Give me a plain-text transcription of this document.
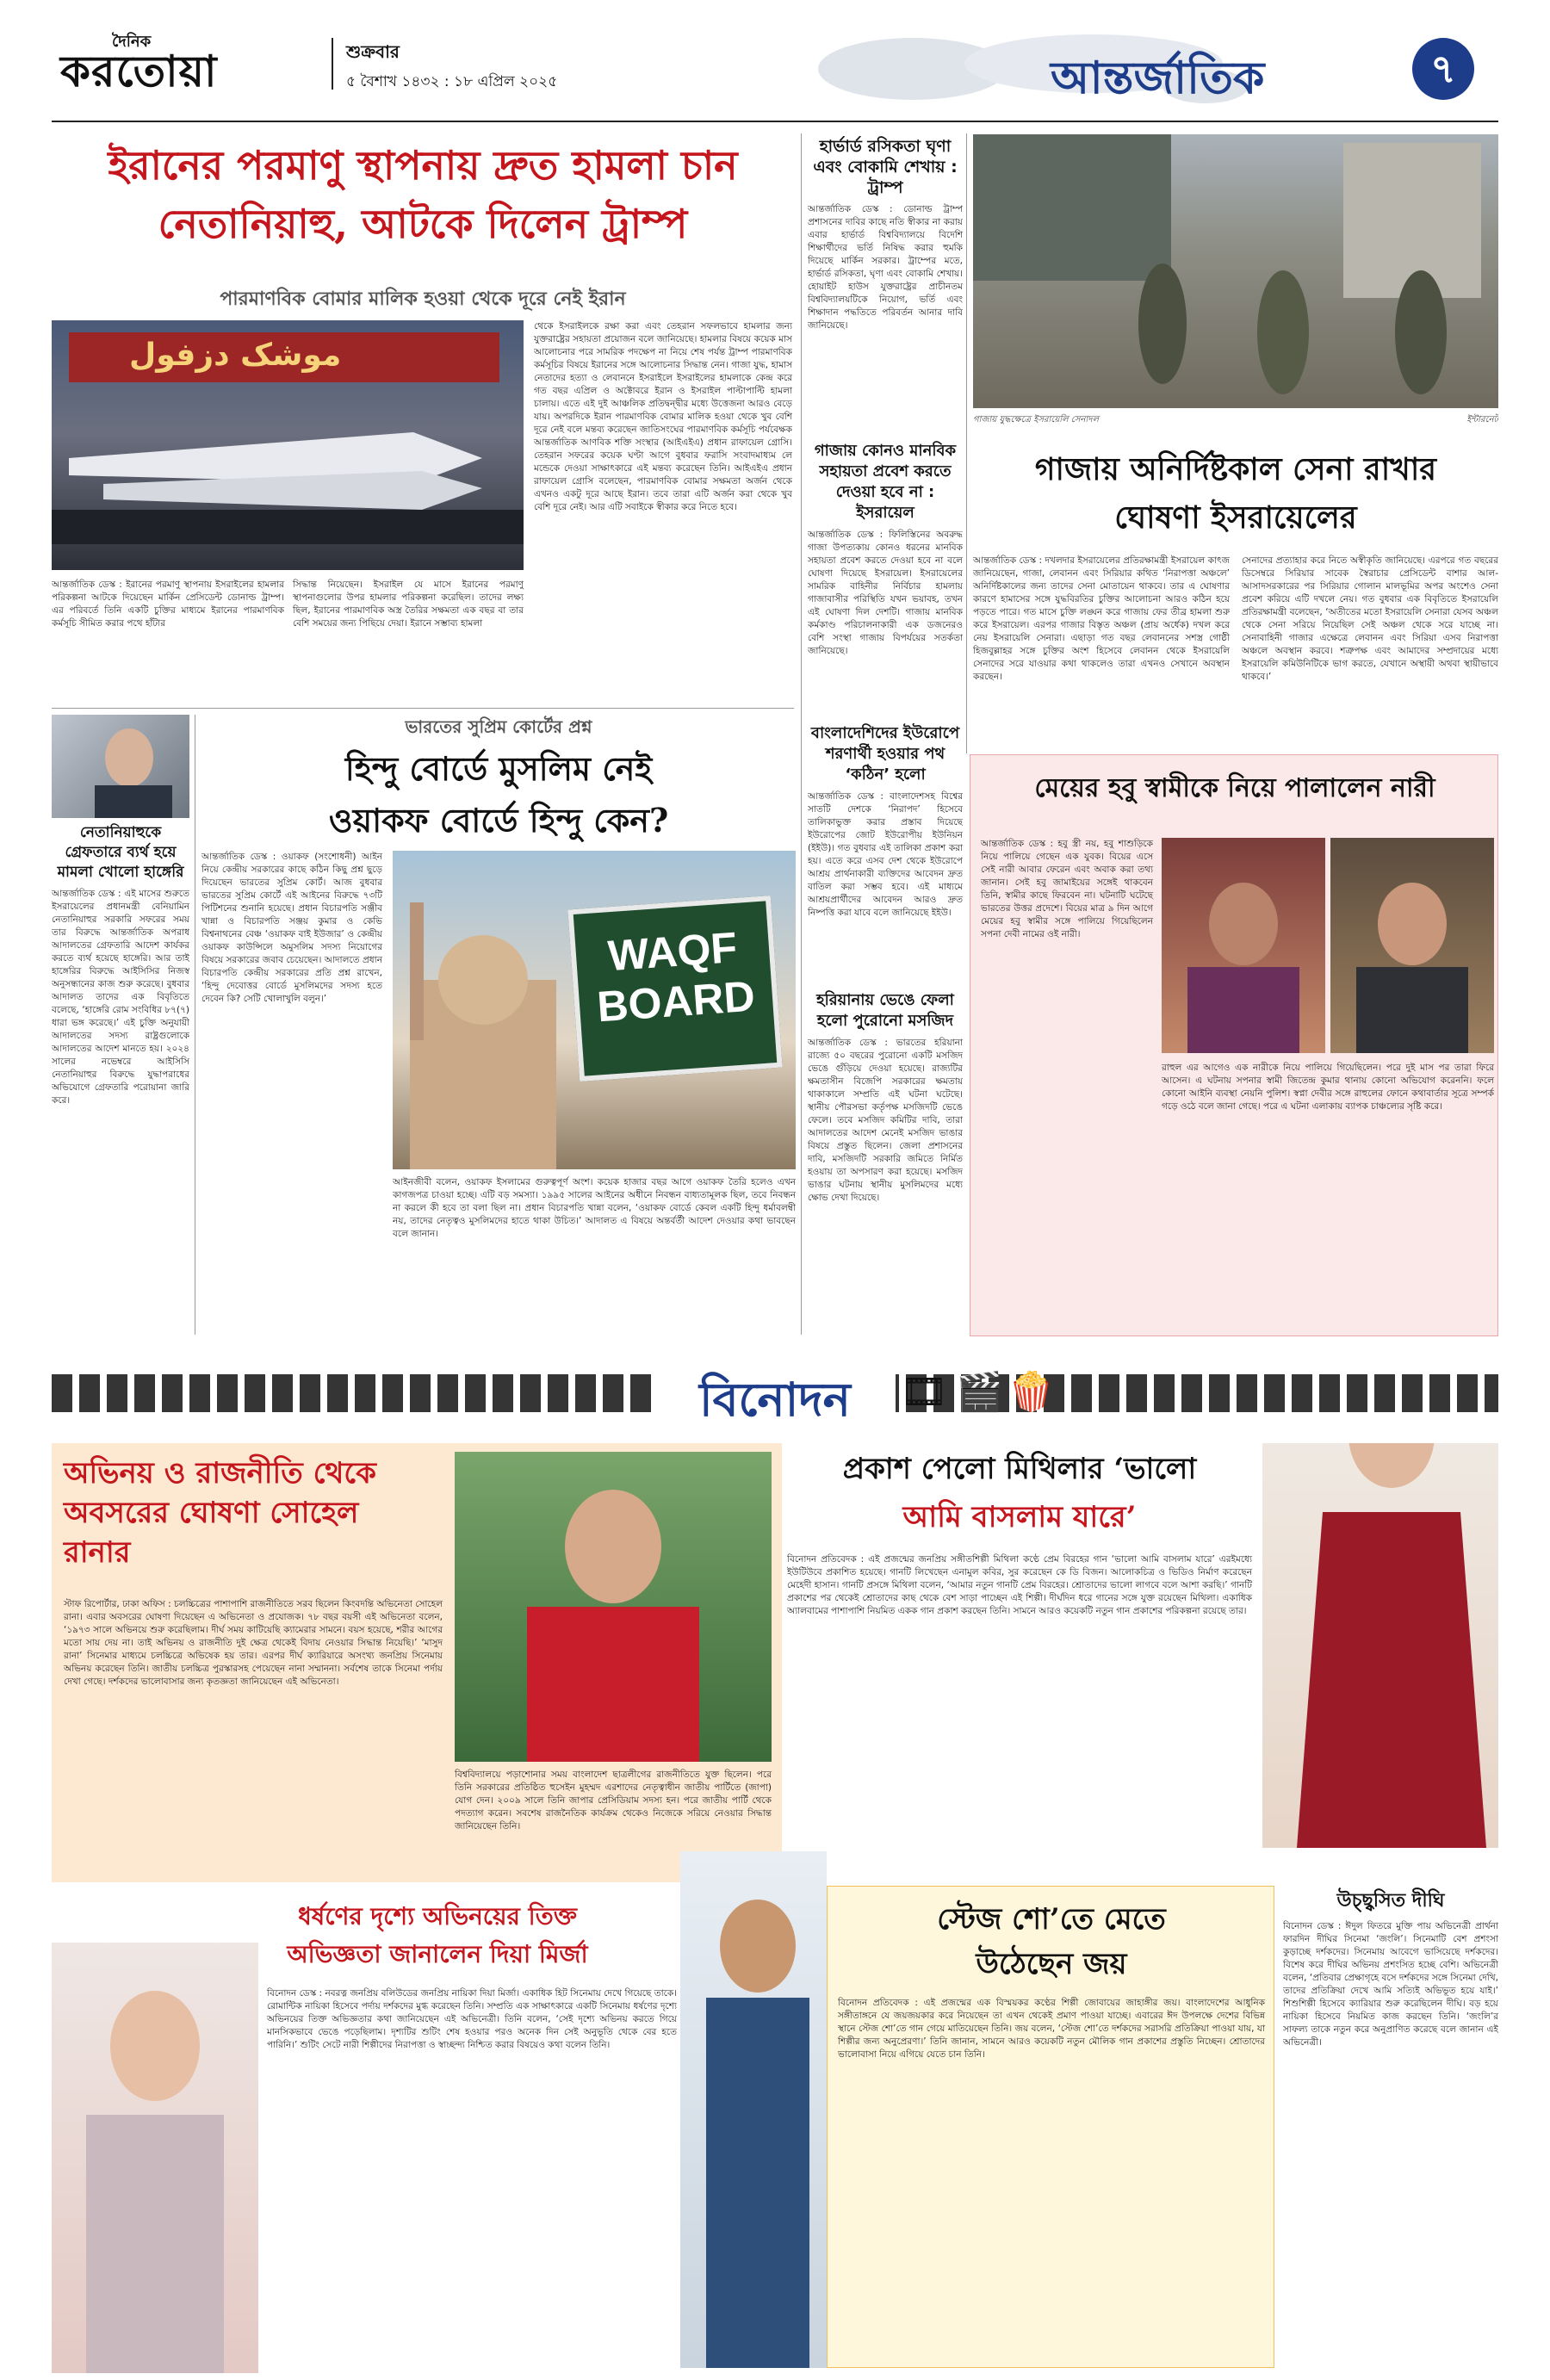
দৈনিক
করতোয়া	শুক্রবার
৫ বৈশাখ ১৪৩২ : ১৮ এপ্রিল ২০২৫	আন্তর্জাতিক	৭
ইরানের পরমাণু স্থাপনায় দ্রুত হামলা চান
নেতানিয়াহু, আটকে দিলেন ট্রাম্প
পারমাণবিক বোমার মালিক হওয়া থেকে দূরে নেই ইরান
موشک دزفول
আন্তর্জাতিক ডেস্ক : ইরানের পরমাণু স্থাপনায় ইসরাইলের হামলার পরিকল্পনা আটকে দিয়েছেন মার্কিন প্রেসিডেন্ট ডোনাল্ড ট্রাম্প। এর পরিবর্তে তিনি একটি চুক্তির মাধ্যমে ইরানের পারমাণবিক কর্মসূচি সীমিত করার পথে হাঁটার
সিদ্ধান্ত নিয়েছেন। ইসরাইল যে মাসে ইরানের পরমাণু স্থাপনাগুলোর উপর হামলার পরিকল্পনা করেছিল। তাদের লক্ষ্য ছিল, ইরানের পারমাণবিক অস্ত্র তৈরির সক্ষমতা এক বছর বা তার বেশি সময়ের জন্য পিছিয়ে দেয়া। ইরানে সম্ভাব্য হামলা
থেকে ইসরাইলকে রক্ষা করা এবং তেহরান সফলভাবে হামলার জন্য যুক্তরাষ্ট্রের সহায়তা প্রয়োজন বলে জানিয়েছে। হামলার বিষয়ে কয়েক মাস আলোচনার পরে সামরিক পদক্ষেপ না নিয়ে শেষ পর্যন্ত ট্রাম্প পারমাণবিক কর্মসূচির বিষয়ে ইরানের সঙ্গে আলোচনার সিদ্ধান্ত নেন। গাজা যুদ্ধ, হামাস নেতাদের হত্যা ও লেবাননে ইসরাইলে ইসরাইলের হামলাকে কেন্দ্র করে গত বছর এপ্রিল ও অক্টোবরে ইরান ও ইসরাইল পাল্টাপাল্টি হামলা চালায়। এতে এই দুই আঞ্চলিক প্রতিদ্বন্দ্বীর মধ্যে উত্তেজনা আরও বেড়ে যায়। অপরদিকে ইরান পারমাণবিক বোমার মালিক হওয়া থেকে খুব বেশি দূরে নেই বলে মন্তব্য করেছেন জাতিসংঘের পারমাণবিক কর্মসূচি পর্যবেক্ষক আন্তর্জাতিক আণবিক শক্তি সংস্থার (আইএইএ) প্রধান রাফায়েল গ্রোসি। তেহরান সফরের কয়েক ঘণ্টা আগে বুধবার ফরাসি সংবাদমাধ্যম লে মন্ডেকে দেওয়া সাক্ষাৎকারে এই মন্তব্য করেছেন তিনি। আইএইএ প্রধান রাফায়েল গ্রোসি বলেছেন, পারমাণবিক বোমার সক্ষমতা অর্জন থেকে এখনও একটু দূরে আছে ইরান। তবে তারা এটি অর্জন করা থেকে খুব বেশি দূরে নেই। আর এটি সবাইকে স্বীকার করে নিতে হবে।
হার্ভার্ড রসিকতা ঘৃণা এবং বোকামি শেখায় : ট্রাম্প
আন্তর্জাতিক ডেস্ক : ডোনাল্ড ট্রাম্প প্রশাসনের দাবির কাছে নতি স্বীকার না করায় এবার হার্ভার্ড বিশ্ববিদ্যালয়ে বিদেশি শিক্ষার্থীদের ভর্তি নিষিদ্ধ করার হুমকি দিয়েছে মার্কিন সরকার। ট্রাম্পের মতে, হার্ভার্ড রসিকতা, ঘৃণা এবং বোকামি শেখায়। হোয়াইট হাউস যুক্তরাষ্ট্রের প্রাচীনতম বিশ্ববিদ্যালয়টিকে নিয়োগ, ভর্তি এবং শিক্ষাদান পদ্ধতিতে পরিবর্তন আনার দাবি জানিয়েছে।
গাজায় কোনও মানবিক সহায়তা প্রবেশ করতে দেওয়া হবে না : ইসরায়েল
আন্তর্জাতিক ডেস্ক : ফিলিস্তিনের অবরুদ্ধ গাজা উপত্যকায় কোনও ধরনের মানবিক সহায়তা প্রবেশ করতে দেওয়া হবে না বলে ঘোষণা দিয়েছে ইসরায়েল। ইসরায়েলের সামরিক বাহিনীর নির্বিচার হামলায় গাজাবাসীর পরিস্থিতি যখন ভয়াবহ, তখন এই ঘোষণা দিল দেশটি। গাজায় মানবিক কর্মকাণ্ড পরিচালনাকারী এক ডজনেরও বেশি সংস্থা গাজায় বিপর্যয়ের সতর্কতা জানিয়েছে।
বাংলাদেশিদের ইউরোপে শরণার্থী হওয়ার পথ ‘কঠিন’ হলো
আন্তর্জাতিক ডেস্ক : বাংলাদেশসহ বিশ্বের সাতটি দেশকে ‘নিরাপদ’ হিসেবে তালিকাভুক্ত করার প্রস্তাব দিয়েছে ইউরোপের জোট ইউরোপীয় ইউনিয়ন (ইইউ)। গত বুধবার এই তালিকা প্রকাশ করা হয়। এতে করে এসব দেশ থেকে ইউরোপে আশ্রয় প্রার্থনাকারী ব্যক্তিদের আবেদন দ্রুত বাতিল করা সম্ভব হবে। এই মাধ্যমে আশ্রয়প্রার্থীদের আবেদন আরও দ্রুত নিষ্পত্তি করা যাবে বলে জানিয়েছে ইইউ।
হরিয়ানায় ভেঙে ফেলা হলো পুরোনো মসজিদ
আন্তর্জাতিক ডেস্ক : ভারতের হরিয়ানা রাজ্যে ৫০ বছরের পুরোনো একটি মসজিদ ভেঙে গুঁড়িয়ে দেওয়া হয়েছে। রাজ্যটির ক্ষমতাসীন বিজেপি সরকারের ক্ষমতায় থাকাকালে সম্প্রতি এই ঘটনা ঘটেছে। স্থানীয় পৌরসভা কর্তৃপক্ষ মসজিদটি ভেঙে ফেলে। তবে মসজিদ কমিটির দাবি, তারা আদালতের আদেশ মেনেই মসজিদ ভাঙার বিষয়ে প্রস্তুত ছিলেন। জেলা প্রশাসনের দাবি, মসজিদটি সরকারি জমিতে নির্মিত হওয়ায় তা অপসারণ করা হয়েছে। মসজিদ ভাঙার ঘটনায় স্থানীয় মুসলিমদের মধ্যে ক্ষোভ দেখা দিয়েছে।
গাজায় যুদ্ধক্ষেত্রে ইসরায়েলি সেনাদল	ইন্টারনেট
গাজায় অনির্দিষ্টকাল সেনা রাখার
ঘোষণা ইসরায়েলের
আন্তর্জাতিক ডেস্ক : দখলদার ইসরায়েলের প্রতিরক্ষামন্ত্রী ইসরায়েল কাৎজ জানিয়েছেন, গাজা, লেবানন এবং সিরিয়ার কথিত ‘নিরাপত্তা অঞ্চলে’ অনির্দিষ্টকালের জন্য তাদের সেনা মোতায়েন থাকবে। তার এ ঘোষণার কারণে হামাসের সঙ্গে যুদ্ধবিরতির চুক্তির আলোচনা আরও কঠিন হয়ে পড়তে পারে। গত মাসে চুক্তি লঙ্ঘন করে গাজায় ফের তীব্র হামলা শুরু করে ইসরায়েল। এরপর গাজার বিস্তৃত অঞ্চল (প্রায় অর্ধেক) দখল করে নেয় ইসরায়েলি সেনারা। এছাড়া গত বছর লেবাননের সশস্ত্র গোষ্ঠী হিজবুল্লাহর সঙ্গে চুক্তির অংশ হিসেবে লেবানন থেকে ইসরায়েলি সেনাদের সরে যাওয়ার কথা থাকলেও তারা এখনও সেখানে অবস্থান করছেন।
সেনাদের প্রত্যাহার করে নিতে অস্বীকৃতি জানিয়েছে। এরপরে গত বছরের ডিসেম্বরে সিরিয়ার সাবেক স্বৈরাচার প্রেসিডেন্ট বাশার আল-আসাদসরকারের পর সিরিয়ার গোলান মালভূমির অপর অংশেও সেনা প্রবেশ করিয়ে এটি দখলে নেয়। গত বুধবার এক বিবৃতিতে ইসরায়েলি প্রতিরক্ষামন্ত্রী বলেছেন, ‘অতীতের মতো ইসরায়েলি সেনারা যেসব অঞ্চল থেকে সেনা সরিয়ে নিয়েছিল সেই অঞ্চল থেকে সরে যাচ্ছে না। সেনাবাহিনী গাজার এক্ষেত্রে লেবানন এবং সিরিয়া এসব নিরাপত্তা অঞ্চলে অবস্থান করবে। শত্রুপক্ষ এবং আমাদের সম্প্রদায়ের মধ্যে ইসরায়েলি কমিউনিটিকে ভাগ করতে, যেখানে অস্থায়ী অথবা স্থায়ীভাবে থাকবে।’
নেতানিয়াহুকে গ্রেফতারে ব্যর্থ হয়ে মামলা খোলো হাঙ্গেরি
আন্তর্জাতিক ডেস্ক : এই মাসের শুরুতে ইসরায়েলের প্রধানমন্ত্রী বেনিয়ামিন নেতানিয়াহুর সরকারি সফরের সময় তার বিরুদ্ধে আন্তর্জাতিক অপরাধ আদালতের গ্রেফতারি আদেশ কার্যকর করতে ব্যর্থ হয়েছে হাঙ্গেরি। আর তাই হাঙ্গেরির বিরুদ্ধে আইসিসির নিজস্ব অনুসন্ধানের কাজ শুরু করেছে। বুধবার আদালত তাদের এক বিবৃতিতে বলেছে, ‘হাঙ্গেরি রোম সংবিধির ৮৭(৭) ধারা ভঙ্গ করেছে।’ এই চুক্তি অনুযায়ী আদালতের সদস্য রাষ্ট্রগুলোকে আদালতের আদেশ মানতে হয়। ২০২৪ সালের নভেম্বরে আইসিসি নেতানিয়াহুর বিরুদ্ধে যুদ্ধাপরাধের অভিযোগে গ্রেফতারি পরোয়ানা জারি করে।
ভারতের সুপ্রিম কোর্টের প্রশ্ন
হিন্দু বোর্ডে মুসলিম নেই
ওয়াকফ বোর্ডে হিন্দু কেন?
আন্তর্জাতিক ডেস্ক : ওয়াকফ (সংশোধনী) আইন নিয়ে কেন্দ্রীয় সরকারের কাছে কঠিন কিছু প্রশ্ন ছুড়ে দিয়েছেন ভারতের সুপ্রিম কোর্ট। আজ বুধবার ভারতের সুপ্রিম কোর্টে এই আইনের বিরুদ্ধে ৭৩টি পিটিশনের শুনানি হয়েছে। প্রধান বিচারপতি সঞ্জীব খান্না ও বিচারপতি সঞ্জয় কুমার ও কেভি বিশ্বনাথনের বেঞ্চ ‘ওয়াকফ বাই ইউজার’ ও কেন্দ্রীয় ওয়াকফ কাউন্সিলে অমুসলিম সদস্য নিয়োগের বিষয়ে সরকারের জবাব চেয়েছেন। আদালতে প্রধান বিচারপতি কেন্দ্রীয় সরকারের প্রতি প্রশ্ন রাখেন, ‘হিন্দু দেবোত্তর বোর্ডে মুসলিমদের সদস্য হতে দেবেন কি? সেটি খোলাখুলি বলুন।’
WAQF
BOARD
আইনজীবী বলেন, ওয়াকফ ইসলামের গুরুত্বপূর্ণ অংশ। কয়েক হাজার বছর আগে ওয়াকফ তৈরি হলেও এখন কাগজপত্র চাওয়া হচ্ছে। এটি বড় সমস্যা। ১৯৯৫ সালের আইনের অধীনে নিবন্ধন বাধ্যতামূলক ছিল, তবে নিবন্ধন না করলে কী হবে তা বলা ছিল না। প্রধান বিচারপতি খান্না বলেন, ‘ওয়াকফ বোর্ডে কেবল একটি হিন্দু ধর্মাবলম্বী নয়, তাদের নেতৃত্বও মুসলিমদের হাতে থাকা উচিত।’ আদালত এ বিষয়ে অন্তর্বর্তী আদেশ দেওয়ার কথা ভাবছেন বলে জানান।
মেয়ের হবু স্বামীকে নিয়ে পালালেন নারী
আন্তর্জাতিক ডেস্ক : হবু স্ত্রী নয়, হবু শাশুড়িকে নিয়ে পালিয়ে গেছেন এক যুবক। বিয়ের এসে সেই নারী আবার ফেরেন এবং অবাক করা তথ্য জানান। সেই হবু জামাইয়ের সঙ্গেই থাকবেন তিনি, স্বামীর কাছে ফিরবেন না। ঘটনাটি ঘটেছে ভারতের উত্তর প্রদেশে। বিয়ের মাত্র ৯ দিন আগে মেয়ের হবু স্বামীর সঙ্গে পালিয়ে গিয়েছিলেন সপনা দেবী নামের ওই নারী।
রাহুল এর আগেও এক নারীকে নিয়ে পালিয়ে গিয়েছিলেন। পরে দুই মাস পর তারা ফিরে আসেন। এ ঘটনায় সপনার স্বামী জিতেন্দ্র কুমার থানায় কোনো অভিযোগ করেননি। ফলে কোনো আইনি ব্যবস্থা নেয়নি পুলিশ। স্বপ্না দেবীর সঙ্গে রাহুলের ফোনে কথাবার্তার সূত্রে সম্পর্ক গড়ে ওঠে বলে জানা গেছে। পরে এ ঘটনা এলাকায় ব্যাপক চাঞ্চল্যের সৃষ্টি করে।
বিনোদন	🎞 🎬 🍿
অভিনয় ও রাজনীতি থেকে অবসরের ঘোষণা সোহেল রানার
স্টাফ রিপোর্টার, ঢাকা অফিস : চলচ্চিত্রের পাশাপাশি রাজনীতিতে সরব ছিলেন কিংবদন্তি অভিনেতা সোহেল রানা। এবার অবসরের ঘোষণা দিয়েছেন এ অভিনেতা ও প্রযোজক। ৭৮ বছর বয়সী এই অভিনেতা বলেন, ‘১৯৭৩ সালে অভিনয়ে শুরু করেছিলাম। দীর্ঘ সময় কাটিয়েছি ক্যামেরার সামনে। বয়স হয়েছে, শরীর আগের মতো সায় দেয় না। তাই অভিনয় ও রাজনীতি দুই ক্ষেত্র থেকেই বিদায় নেওয়ার সিদ্ধান্ত নিয়েছি।’ ‘মাসুদ রানা’ সিনেমার মাধ্যমে চলচ্চিত্রে অভিষেক হয় তার। এরপর দীর্ঘ ক্যারিয়ারে অসংখ্য জনপ্রিয় সিনেমায় অভিনয় করেছেন তিনি। জাতীয় চলচ্চিত্র পুরস্কারসহ পেয়েছেন নানা সম্মাননা। সর্বশেষ তাকে সিনেমা পর্দায় দেখা গেছে। দর্শকদের ভালোবাসার জন্য কৃতজ্ঞতা জানিয়েছেন এই অভিনেতা।
বিশ্ববিদ্যালয়ে পড়াশোনার সময় বাংলাদেশ ছাত্রলীগের রাজনীতিতে যুক্ত ছিলেন। পরে তিনি সরকারের প্রতিষ্ঠিত হুসেইন মুহম্মদ এরশাদের নেতৃত্বাধীন জাতীয় পার্টিতে (জাপা) যোগ দেন। ২০০৯ সালে তিনি জাপার প্রেসিডিয়াম সদস্য হন। পরে জাতীয় পার্টি থেকে পদত্যাগ করেন। সবশেষ রাজনৈতিক কার্যক্রম থেকেও নিজেকে সরিয়ে নেওয়ার সিদ্ধান্ত জানিয়েছেন তিনি।
প্রকাশ পেলো মিথিলার ‘ভালো
আমি বাসলাম যারে’
বিনোদন প্রতিবেদক : এই প্রজন্মের জনপ্রিয় সঙ্গীতশিল্পী মিথিলা কণ্ঠে প্রেম বিরহের গান ‘ভালো আমি বাসলাম যারে’ এরইমধ্যে ইউটিউবে প্রকাশিত হয়েছে। গানটি লিখেছেন এনামুল কবির, সুর করেছেন কে ডি বিজন। আলোকচিত্র ও ভিডিও নির্মাণ করেছেন মেহেদী হাসান। গানটি প্রসঙ্গে মিথিলা বলেন, ‘আমার নতুন গানটি প্রেম বিরহের। শ্রোতাদের ভালো লাগবে বলে আশা করছি।’ গানটি প্রকাশের পর থেকেই শ্রোতাদের কাছ থেকে বেশ সাড়া পাচ্ছেন এই শিল্পী। দীর্ঘদিন ধরে গানের সঙ্গে যুক্ত রয়েছেন মিথিলা। একাধিক অ্যালবামের পাশাপাশি নিয়মিত একক গান প্রকাশ করছেন তিনি। সামনে আরও কয়েকটি নতুন গান প্রকাশের পরিকল্পনা রয়েছে তার।
স্টেজ শো’তে মেতে
উঠেছেন জয়
বিনোদন প্রতিবেদক : এই প্রজন্মের এক বিস্ময়কর কণ্ঠের শিল্পী জোবায়ের জাহাঙ্গীর জয়। বাংলাদেশের আধুনিক সঙ্গীতাঙ্গনে যে জয়জয়কার করে নিয়েছেন তা এখন থেকেই প্রমাণ পাওয়া যাচ্ছে। এবারের ঈদ উপলক্ষে দেশের বিভিন্ন স্থানে স্টেজ শো’তে গান গেয়ে মাতিয়েছেন তিনি। জয় বলেন, ‘স্টেজ শো’তে দর্শকদের সরাসরি প্রতিক্রিয়া পাওয়া যায়, যা শিল্পীর জন্য অনুপ্রেরণা।’ তিনি জানান, সামনে আরও কয়েকটি নতুন মৌলিক গান প্রকাশের প্রস্তুতি নিচ্ছেন। শ্রোতাদের ভালোবাসা নিয়ে এগিয়ে যেতে চান তিনি।
ধর্ষণের দৃশ্যে অভিনয়ের তিক্ত
অভিজ্ঞতা জানালেন দিয়া মির্জা
বিনোদন ডেস্ক : নবরত্ন জনপ্রিয় বলিউডের জনপ্রিয় নায়িকা দিয়া মির্জা। একাধিক হিট সিনেমায় দেখে গিয়েছে তাকে। রোমান্টিক নায়িকা হিসেবে পর্দায় দর্শকদের মুগ্ধ করেছেন তিনি। সম্প্রতি এক সাক্ষাৎকারে একটি সিনেমায় ধর্ষণের দৃশ্যে অভিনয়ের তিক্ত অভিজ্ঞতার কথা জানিয়েছেন এই অভিনেত্রী। তিনি বলেন, ‘সেই দৃশ্যে অভিনয় করতে গিয়ে মানসিকভাবে ভেঙে পড়েছিলাম। দৃশ্যটির শুটিং শেষ হওয়ার পরও অনেক দিন সেই অনুভূতি থেকে বের হতে পারিনি।’ শুটিং সেটে নারী শিল্পীদের নিরাপত্তা ও স্বাচ্ছন্দ্য নিশ্চিত করার বিষয়েও কথা বলেন তিনি।
উচ্ছ্বসিত দীঘি
বিনোদন ডেস্ক : ঈদুল ফিতরে মুক্তি পায় অভিনেত্রী প্রার্থনা ফারদিন দীঘির সিনেমা ‘জংলি’। সিনেমাটি বেশ প্রশংসা কুড়াচ্ছে দর্শকদের। সিনেমায় আবেগে ভাসিয়েছে দর্শকদের। বিশেষ করে দীঘির অভিনয় প্রশংসিত হচ্ছে বেশি। অভিনেত্রী বলেন, ‘প্রতিবার প্রেক্ষাগৃহে বসে দর্শকদের সঙ্গে সিনেমা দেখি, তাদের প্রতিক্রিয়া দেখে আমি সত্যিই অভিভূত হয়ে যাই।’ শিশুশিল্পী হিসেবে ক্যারিয়ার শুরু করেছিলেন দীঘি। বড় হয়ে নায়িকা হিসেবে নিয়মিত কাজ করছেন তিনি। ‘জংলি’র সাফল্য তাকে নতুন করে অনুপ্রাণিত করেছে বলে জানান এই অভিনেত্রী।
